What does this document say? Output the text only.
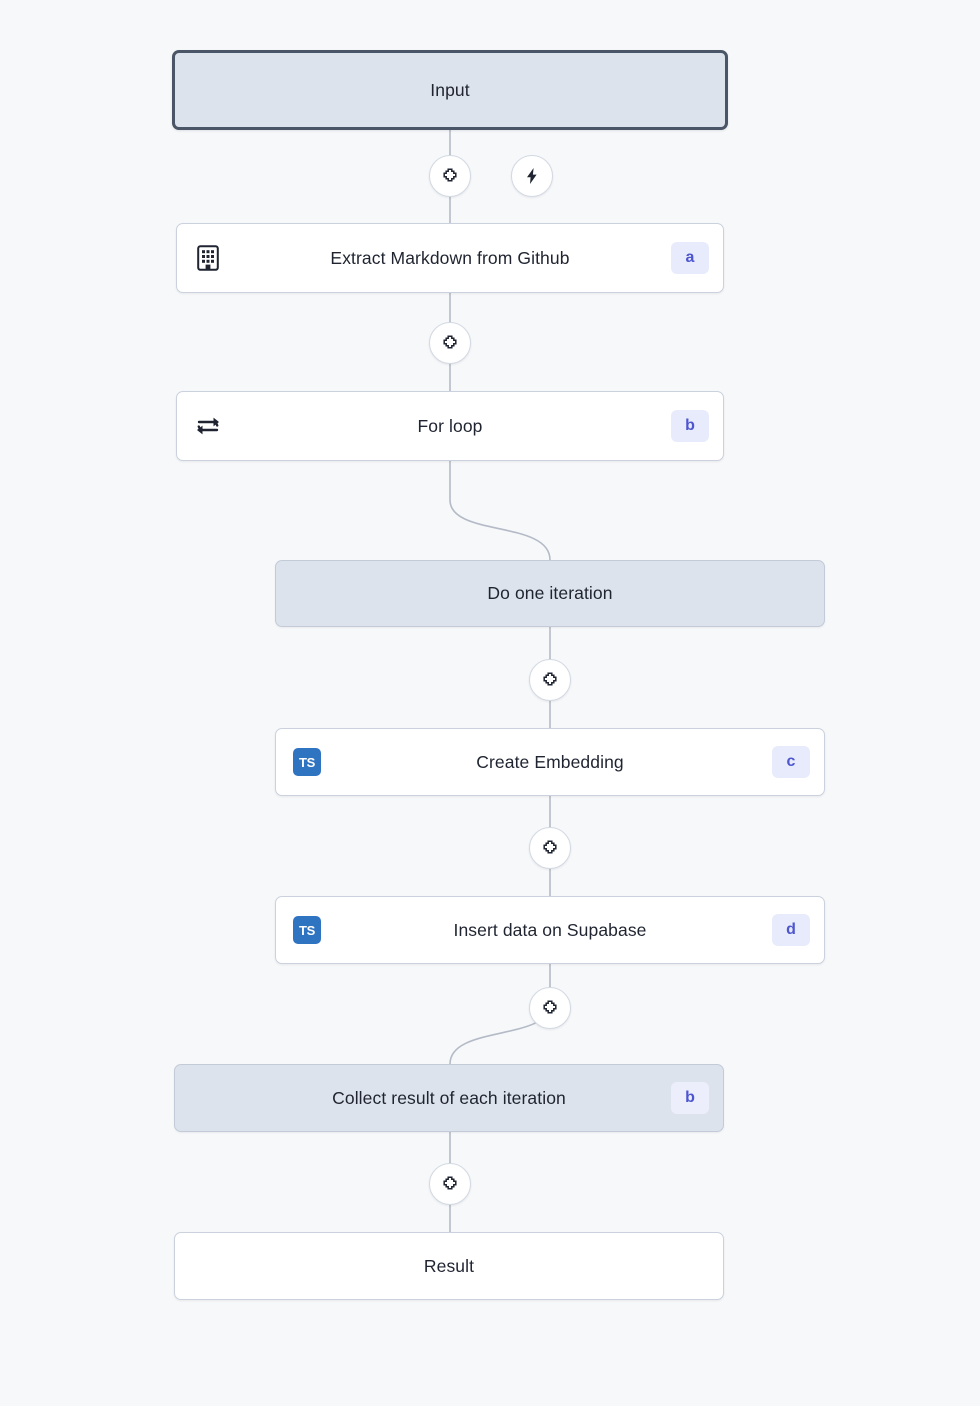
Input
Extract Markdown from Github	a
For loop	b
Do one iteration
TS	Create Embedding	c
TS	Insert data on Supabase	d
Collect result of each iteration	b
Result
